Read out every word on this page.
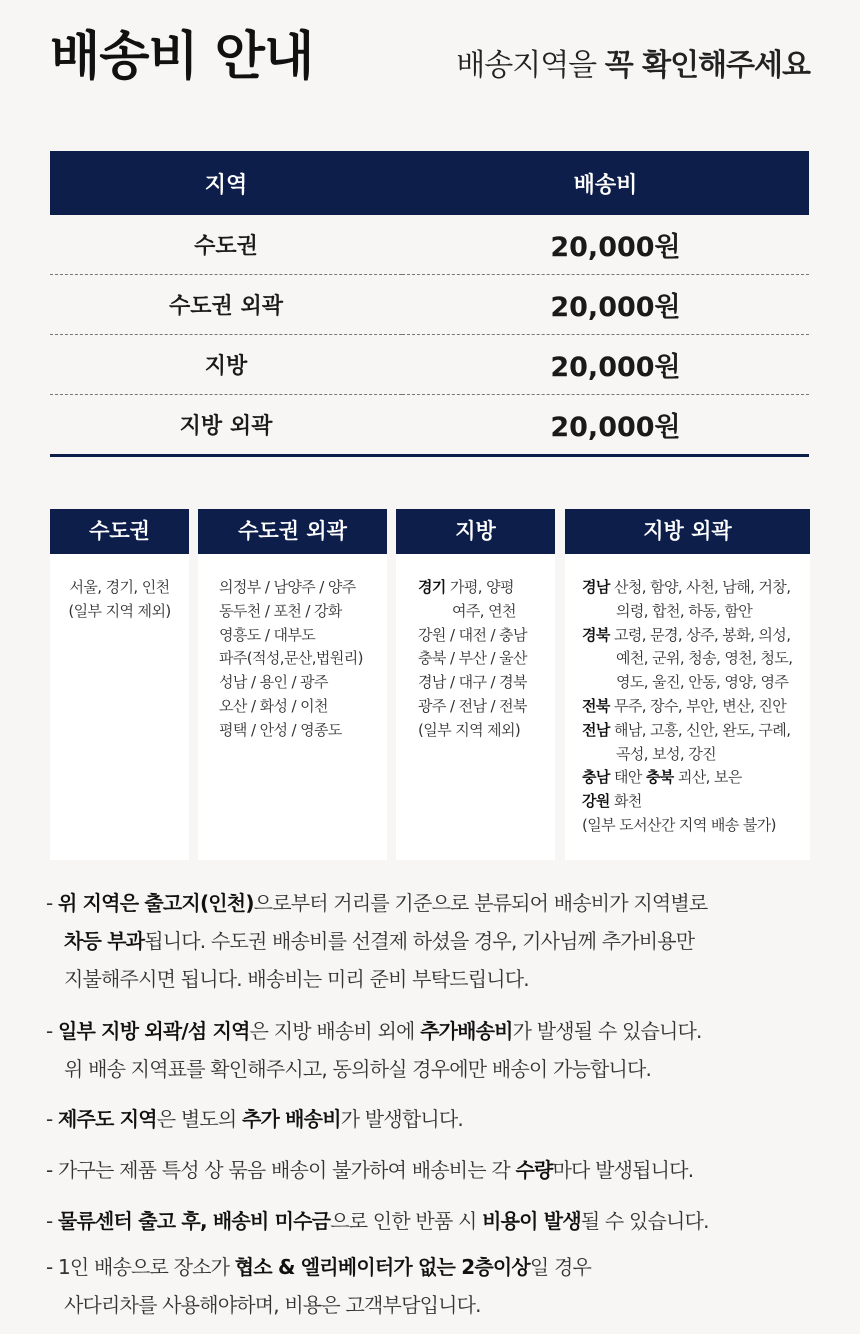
배송비 안내	배송지역을 꼭 확인해주세요
지역	배송비
수도권	20,000원
수도권 외곽	20,000원
지방	20,000원
지방 외곽	20,000원
수도권
서울, 경기, 인천
(일부 지역 제외)
수도권 외곽
의정부 / 남양주 / 양주
동두천 / 포천 / 강화
영흥도 / 대부도
파주(적성,문산,법원리)
성남 / 용인 / 광주
오산 / 화성 / 이천
평택 / 안성 / 영종도
지방
경기 가평, 양평
여주, 연천
강원 / 대전 / 충남
충북 / 부산 / 울산
경남 / 대구 / 경북
광주 / 전남 / 전북
(일부 지역 제외)
지방 외곽
경남 산청, 함양, 사천, 남해, 거창,
의령, 합천, 하동, 함안
경북 고령, 문경, 상주, 봉화, 의성,
예천, 군위, 청송, 영천, 청도,
영도, 울진, 안동, 영양, 영주
전북 무주, 장수, 부안, 변산, 진안
전남 해남, 고흥, 신안, 완도, 구례,
곡성, 보성, 강진
충남 태안 충북 괴산, 보은
강원 화천
(일부 도서산간 지역 배송 불가)
- 위 지역은 출고지(인천)으로부터 거리를 기준으로 분류되어 배송비가 지역별로
차등 부과됩니다. 수도권 배송비를 선결제 하셨을 경우, 기사님께 추가비용만
지불해주시면 됩니다. 배송비는 미리 준비 부탁드립니다.
- 일부 지방 외곽/섬 지역은 지방 배송비 외에 추가배송비가 발생될 수 있습니다.
위 배송 지역표를 확인해주시고, 동의하실 경우에만 배송이 가능합니다.
- 제주도 지역은 별도의 추가 배송비가 발생합니다.
- 가구는 제품 특성 상 묶음 배송이 불가하여 배송비는 각 수량마다 발생됩니다.
- 물류센터 출고 후, 배송비 미수금으로 인한 반품 시 비용이 발생될 수 있습니다.
- 1인 배송으로 장소가 협소 & 엘리베이터가 없는 2층이상일 경우
사다리차를 사용해야하며, 비용은 고객부담입니다.
